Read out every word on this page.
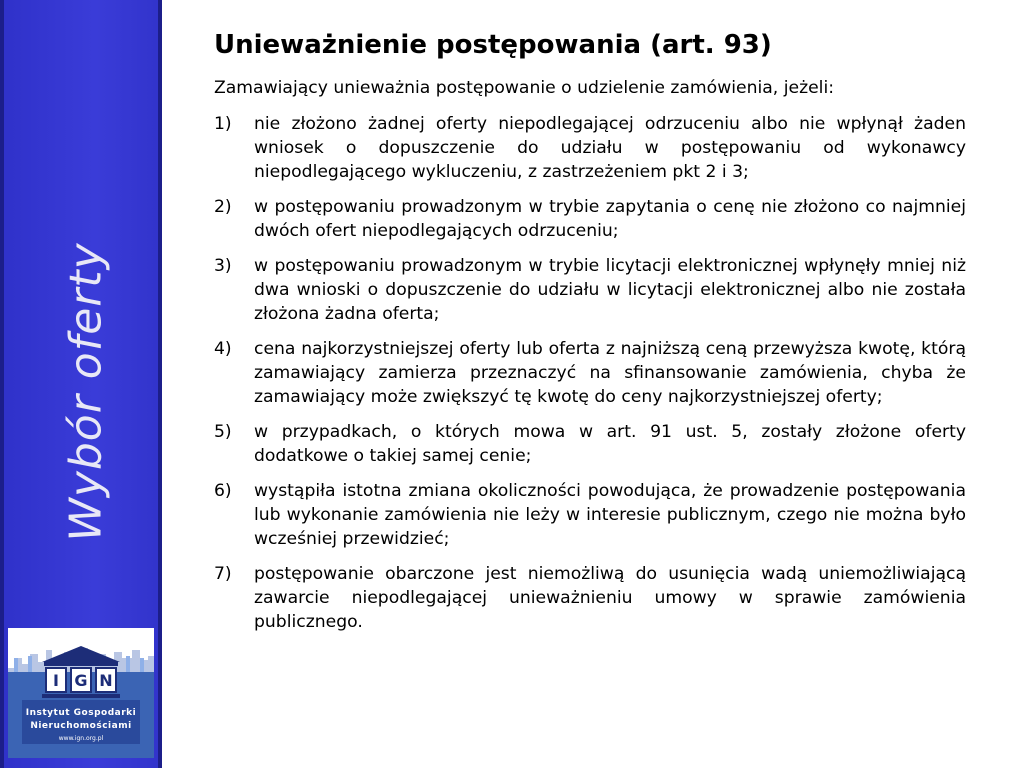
Wybór oferty
I G N
Instytut Gospodarki
Nieruchomościami
www.ign.org.pl
Unieważnienie postępowania (art. 93)

Zamawiający unieważnia postępowanie o udzielenie zamówienia, jeżeli:

1)	nie złożono żadnej oferty niepodlegającej odrzuceniu albo nie wpłynął żaden wniosek o dopuszczenie do udziału w postępowaniu od wykonawcy niepodlegającego wykluczeniu, z zastrzeżeniem pkt 2 i 3;
2)	w postępowaniu prowadzonym w trybie zapytania o cenę nie złożono co najmniej dwóch ofert niepodlegających odrzuceniu;
3)	w postępowaniu prowadzonym w trybie licytacji elektronicznej wpłynęły mniej niż dwa wnioski o dopuszczenie do udziału w licytacji elektronicznej albo nie została złożona żadna oferta;
4)	cena najkorzystniejszej oferty lub oferta z najniższą ceną przewyższa kwotę, którą zamawiający zamierza przeznaczyć na sfinansowanie zamówienia, chyba że zamawiający może zwiększyć tę kwotę do ceny najkorzystniejszej oferty;
5)	w przypadkach, o których mowa w art. 91 ust. 5, zostały złożone oferty dodatkowe o takiej samej cenie;
6)	wystąpiła istotna zmiana okoliczności powodująca, że prowadzenie postępowania lub wykonanie zamówienia nie leży w interesie publicznym, czego nie można było wcześniej przewidzieć;
7)	postępowanie obarczone jest niemożliwą do usunięcia wadą uniemożliwiającą zawarcie niepodlegającej unieważnieniu umowy w sprawie zamówienia publicznego.
